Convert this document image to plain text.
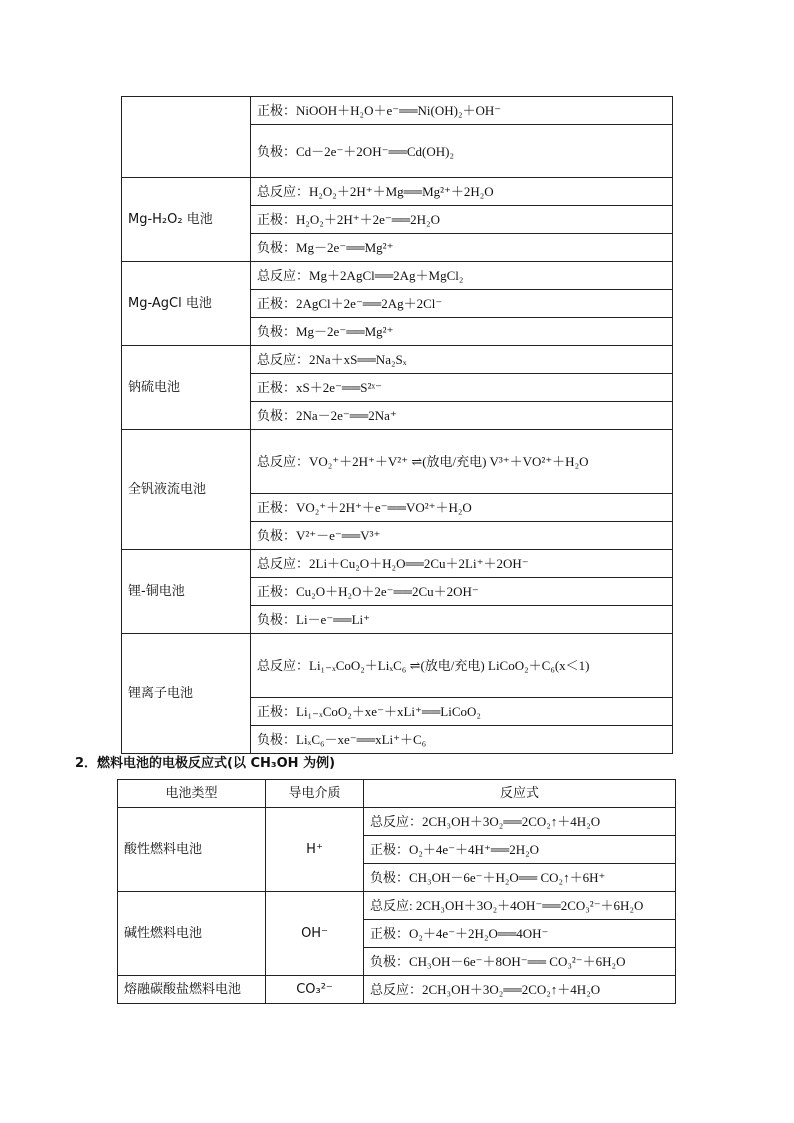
	正极：NiOOH＋H₂O＋e⁻══Ni(OH)₂＋OH⁻
	负极：Cd－2e⁻＋2OH⁻══Cd(OH)₂
Mg-H₂O₂ 电池	总反应：H₂O₂＋2H⁺＋Mg══Mg²⁺＋2H₂O
	正极：H₂O₂＋2H⁺＋2e⁻══2H₂O
	负极：Mg－2e⁻══Mg²⁺
Mg-AgCl 电池	总反应：Mg＋2AgCl══2Ag＋MgCl₂
	正极：2AgCl＋2e⁻══2Ag＋2Cl⁻
	负极：Mg－2e⁻══Mg²⁺
钠硫电池	总反应：2Na＋xS══Na₂Sₓ
	正极：xS＋2e⁻══S²ˣ⁻
	负极：2Na－2e⁻══2Na⁺
全钒液流电池	总反应：VO₂⁺＋2H⁺＋V²⁺ ⇌(放电/充电) V³⁺＋VO²⁺＋H₂O
	正极：VO₂⁺＋2H⁺＋e⁻══VO²⁺＋H₂O
	负极：V²⁺－e⁻══V³⁺
锂-铜电池	总反应：2Li＋Cu₂O＋H₂O══2Cu＋2Li⁺＋2OH⁻
	正极：Cu₂O＋H₂O＋2e⁻══2Cu＋2OH⁻
	负极：Li－e⁻══Li⁺
锂离子电池	总反应：Li₁₋ₓCoO₂＋LiₓC₆ ⇌(放电/充电) LiCoO₂＋C₆(x＜1)
	正极：Li₁₋ₓCoO₂＋xe⁻＋xLi⁺══LiCoO₂
	负极：LiₓC₆－xe⁻══xLi⁺＋C₆
2．燃料电池的电极反应式(以 CH₃OH 为例)
电池类型	导电介质	反应式
酸性燃料电池	H⁺	总反应：2CH₃OH＋3O₂══2CO₂↑＋4H₂O
		正极：O₂＋4e⁻＋4H⁺══2H₂O
		负极：CH₃OH－6e⁻＋H₂O══ CO₂↑＋6H⁺
碱性燃料电池	OH⁻	总反应: 2CH₃OH＋3O₂＋4OH⁻══2CO₃²⁻＋6H₂O
		正极：O₂＋4e⁻＋2H₂O══4OH⁻
		负极：CH₃OH－6e⁻＋8OH⁻══ CO₃²⁻＋6H₂O
熔融碳酸盐燃料电池	CO₃²⁻	总反应：2CH₃OH＋3O₂══2CO₂↑＋4H₂O
